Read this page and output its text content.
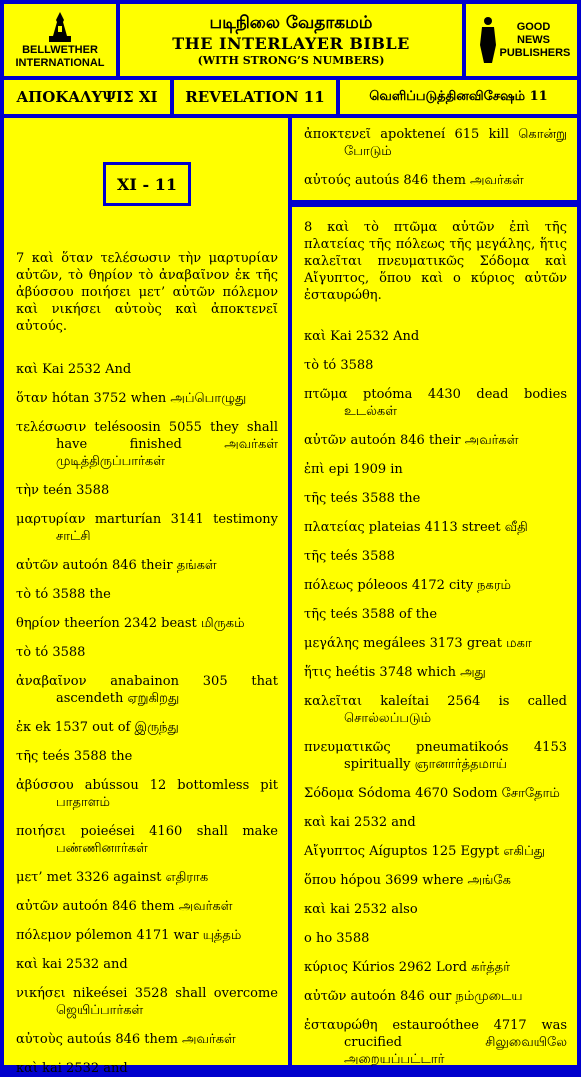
BELLWETHER INTERNATIONAL
படிநிலை வேதாகமம்
THE INTERLAYER BIBLE
(WITH STRONG’S NUMBERS)
GOOD NEWS PUBLISHERS
ΑΠΟΚΑΛΥΨΙΣ XI REVELATION 11	வெளிப்படுத்தினவிசேஷம் 11
XI - 11
7 καὶ ὅταν τελέσωσιν τὴν μαρτυρίαν αὐτῶν, τὸ θηρίον τὸ ἀναβαῖνον ἐκ τῆς ἀβύσσου ποιήσει μετ’ αὐτῶν πόλεμον καὶ νικήσει αὐτοὺς καὶ ἀποκτενεῖ αὐτούς.
καὶ Kai 2532 And
ὅταν hótan 3752 when அப்பொழுது
τελέσωσιν telésoosin 5055 they shall have finished அவர்கள் முடித்திருப்பார்கள்
τὴν teén 3588
μαρτυρίαν marturían 3141 testimony சாட்சி
αὐτῶν autoón 846 their தங்கள்
τὸ tó 3588 the
θηρίον theeríon 2342 beast மிருகம்
τὸ tó 3588
ἀναβαῖνον anabainon 305 that ascendeth ஏறுகிறது
ἐκ ek 1537 out of இருந்து
τῆς teés 3588 the
ἀβύσσου abússou 12 bottomless pit பாதாளம்
ποιήσει poieései 4160 shall make பண்ணினார்கள்
μετ’ met 3326 against எதிராக
αὐτῶν autoón 846 them அவர்கள்
πόλεμον pólemon 4171 war யுத்தம்
καὶ kai 2532 and
νικήσει nikeései 3528 shall overcome ஜெயிப்பார்கள்
αὐτοὺς autoús 846 them அவர்கள்
καὶ kai 2532 and
ἀποκτενεῖ apokteneí 615 kill கொன்று போடும்
αὐτούς autoús 846 them அவர்கள்
8 καὶ τὸ πτῶμα αὐτῶν ἐπὶ τῆς πλατείας τῆς πόλεως τῆς μεγάλης, ἥτις καλεῖται πνευματικῶς Σόδομα καὶ Αἴγυπτος, ὅπου καὶ ο κύριος αὐτῶν ἐσταυρώθη.
καὶ Kai 2532 And
τὸ tó 3588
πτῶμα ptoóma 4430 dead bodies உடல்கள்
αὐτῶν autoón 846 their அவர்கள்
ἐπὶ epi 1909 in
τῆς teés 3588 the
πλατείας plateias 4113 street வீதி
τῆς teés 3588
πόλεως póleoos 4172 city நகரம்
τῆς teés 3588 of the
μεγάλης megálees 3173 great மகா
ἥτις heétis 3748 which அது
καλεῖται kaleítai 2564 is called சொல்லப்படும்
πνευματικῶς pneumatikoós 4153 spiritually ஞானார்த்தமாய்
Σόδομα Sódoma 4670 Sodom சோதோம்
καὶ kai 2532 and
Αἴγυπτος Aíguptos 125 Egypt எகிப்து
ὅπου hópou 3699 where அங்கே
καὶ kai 2532 also
ο ho 3588
κύριος Kúrios 2962 Lord கர்த்தர்
αὐτῶν autoón 846 our நம்முடைய
ἐσταυρώθη estauroóthee 4717 was crucified சிலுவையிலே அறையப்பட்டார்
